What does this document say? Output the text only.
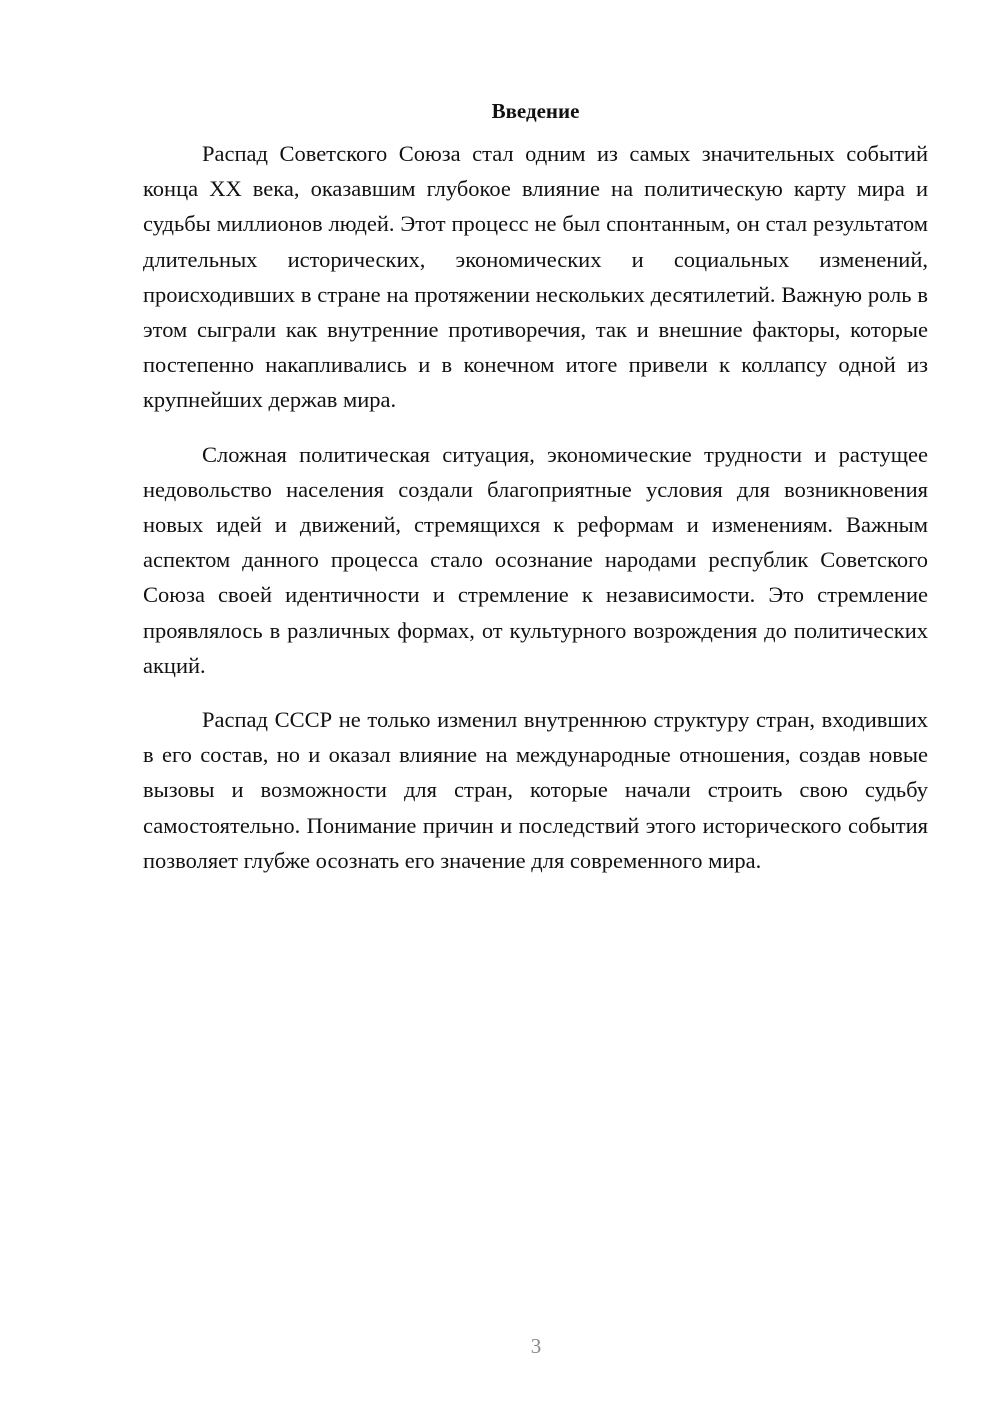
Введение

Распад Советского Союза стал одним из самых значительных событий конца XX века, оказавшим глубокое влияние на политическую карту мира и судьбы миллионов людей. Этот процесс не был спонтанным, он стал результатом длительных исторических, экономических и социальных изменений, происходивших в стране на протяжении нескольких десятилетий. Важную роль в этом сыграли как внутренние противоречия, так и внешние факторы, которые постепенно накапливались и в конечном итоге привели к коллапсу одной из крупнейших держав мира.

Сложная политическая ситуация, экономические трудности и растущее недовольство населения создали благоприятные условия для возникновения новых идей и движений, стремящихся к реформам и изменениям. Важным аспектом данного процесса стало осознание народами республик Советского Союза своей идентичности и стремление к независимости. Это стремление проявлялось в различных формах, от культурного возрождения до политических акций.

Распад СССР не только изменил внутреннюю структуру стран, входивших в его состав, но и оказал влияние на международные отношения, создав новые вызовы и возможности для стран, которые начали строить свою судьбу самостоятельно. Понимание причин и последствий этого исторического события позволяет глубже осознать его значение для современного мира.

3
